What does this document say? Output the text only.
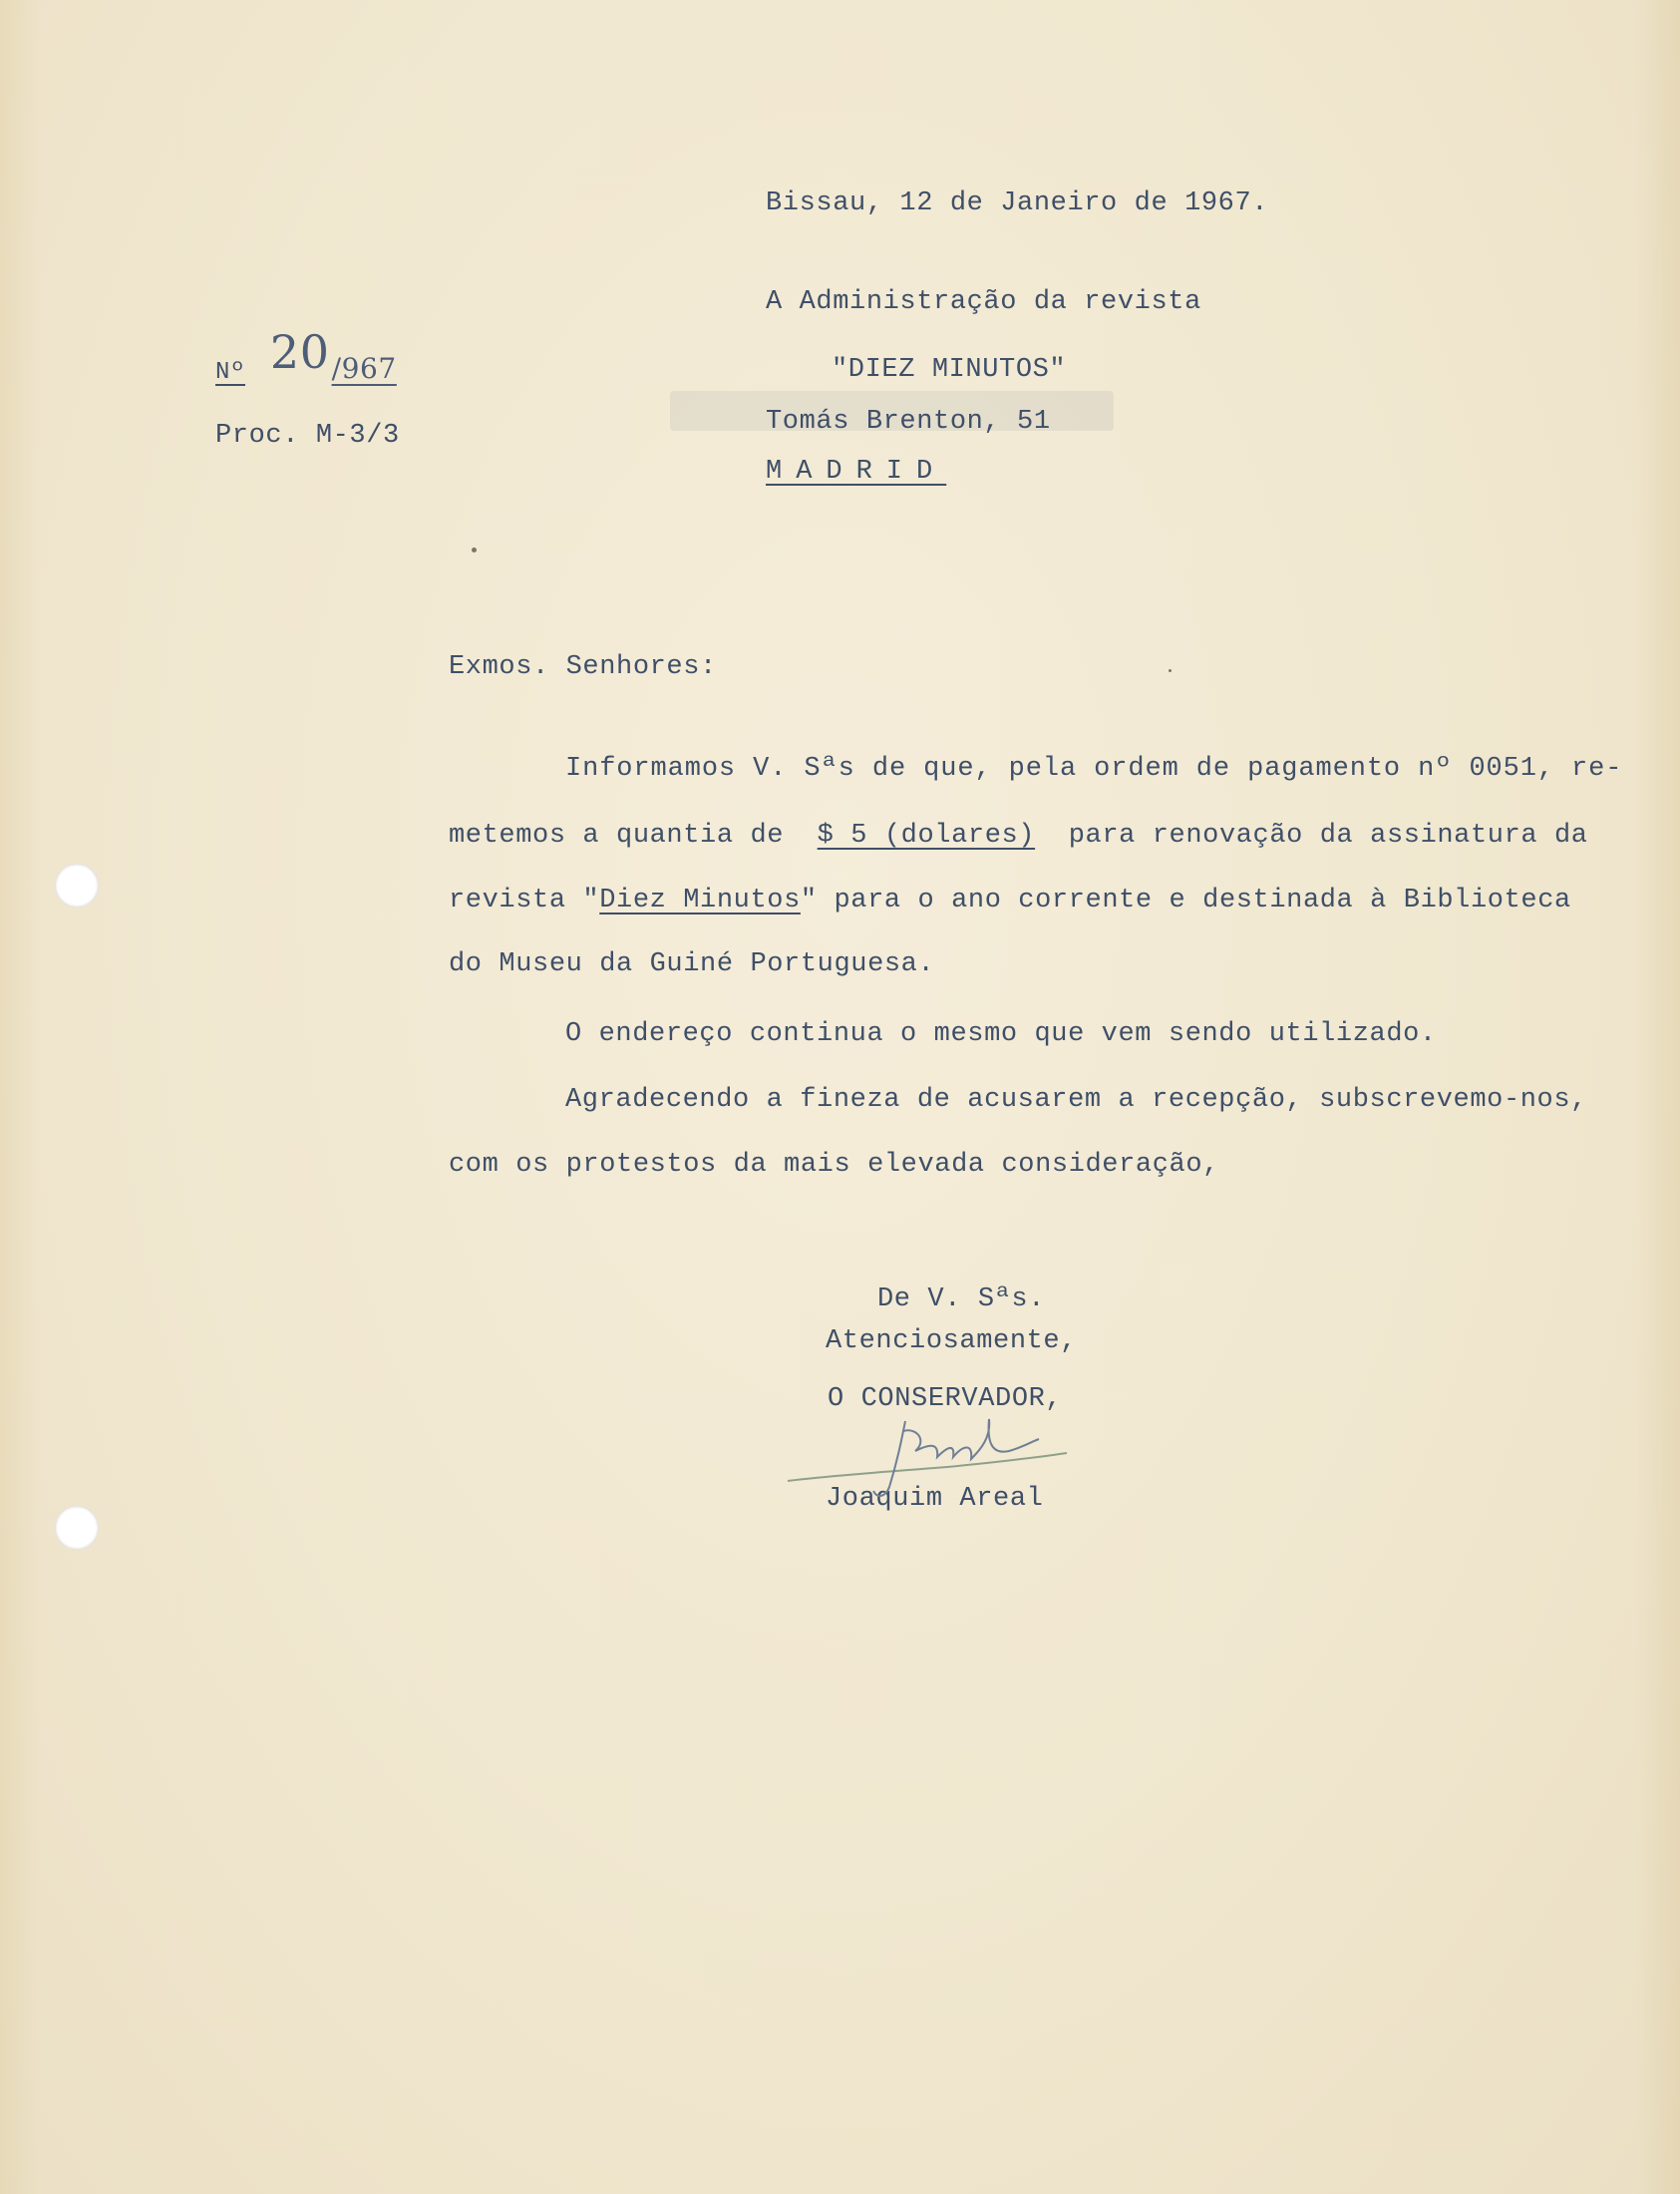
Bissau, 12 de Janeiro de 1967.
Nº 20/967
Proc. M-3/3
A Administração da revista
"DIEZ MINUTOS"
Tomás Brenton, 51
MADRID
Exmos. Senhores:
Informamos V. Sªs de que, pela ordem de pagamento nº 0051, re-
metemos a quantia de $ 5 (dolares) para renovação da assinatura da
revista "Diez Minutos" para o ano corrente e destinada à Biblioteca
do Museu da Guiné Portuguesa.
O endereço continua o mesmo que vem sendo utilizado.
Agradecendo a fineza de acusarem a recepção, subscrevemo-nos,
com os protestos da mais elevada consideração,
De V. Sªs.
Atenciosamente,
O CONSERVADOR,
Joaquim Areal
